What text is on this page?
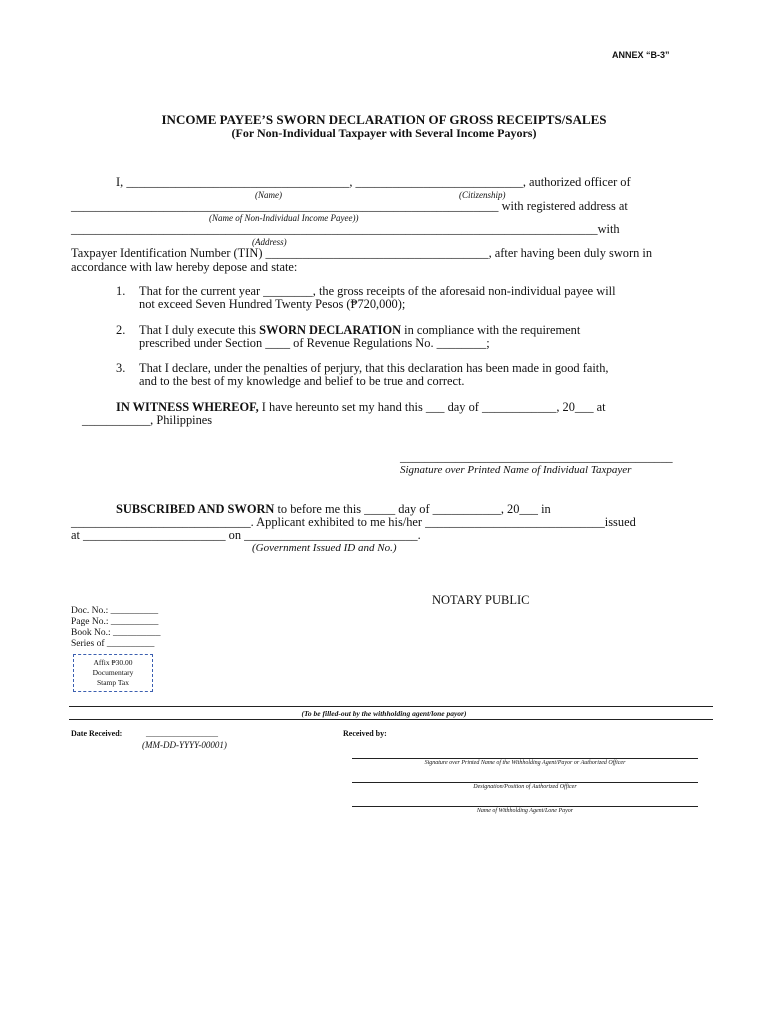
ANNEX “B-3”
INCOME PAYEE’S SWORN DECLARATION OF GROSS RECEIPTS/SALES
(For Non-Individual Taxpayer with Several Income Payors)
I, ____________________________________, ___________________________, authorized officer of
(Name)	(Citizenship)
_____________________________________________________________________ with registered address at
(Name of Non-Individual Income Payee))
_____________________________________________________________________________________with
(Address)
Taxpayer Identification Number (TIN) ____________________________________, after having been duly sworn in
accordance with law hereby depose and state:
1. That for the current year ________, the gross receipts of the aforesaid non-individual payee will
not exceed Seven Hundred Twenty Pesos (₱720,000);
2. That I duly execute this SWORN DECLARATION in compliance with the requirement
prescribed under Section ____ of Revenue Regulations No. ________;
3. That I declare, under the penalties of perjury, that this declaration has been made in good faith,
and to the best of my knowledge and belief to be true and correct.
IN WITNESS WHEREOF, I have hereunto set my hand this ___ day of ____________, 20___ at
___________, Philippines
____________________________________________
Signature over Printed Name of Individual Taxpayer
SUBSCRIBED AND SWORN to before me this _____ day of ___________, 20___ in
_____________________________. Applicant exhibited to me his/her _____________________________issued
at _______________________ on ____________________________.
(Government Issued ID and No.)
NOTARY PUBLIC
Doc. No.: __________
Page No.: __________
Book No.: __________
Series of __________
Affix ₱30.00
Documentary
Stamp Tax
(To be filled-out by the withholding agent/lone payor)
Date Received:	__________________
(MM-DD-YYYY-00001)
Received by:
Signature over Printed Name of the Withholding Agent/Payor or Authorized Officer
Designation/Position of Authorized Officer
Name of Withholding Agent/Lone Payor
